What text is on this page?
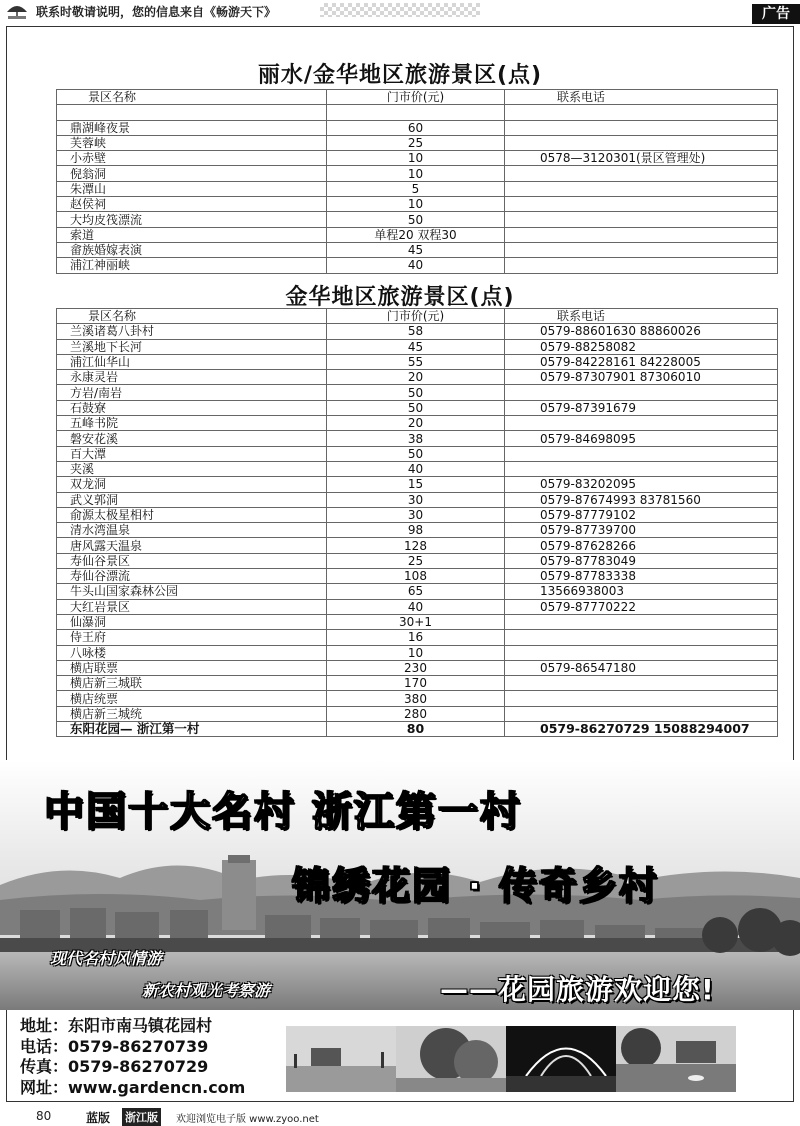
联系时敬请说明，您的信息来自《畅游天下》	广告
丽水/金华地区旅游景区(点)
景区名称	门市价(元)	联系电话

鼎湖峰夜景	60	
芙蓉峡	25	
小赤壁	10	0578—3120301(景区管理处)
倪翁洞	10	
朱潭山	5	
赵侯祠	10	
大均皮筏漂流	50	
索道	单程20 双程30	
畲族婚嫁表演	45	
浦江神丽峡	40	
金华地区旅游景区(点)
景区名称	门市价(元)	联系电话
兰溪诸葛八卦村	58	0579-88601630 88860026
兰溪地下长河	45	0579-88258082
浦江仙华山	55	0579-84228161 84228005
永康灵岩	20	0579-87307901 87306010
方岩/南岩	50	
石鼓寮	50	0579-87391679
五峰书院	20	
磐安花溪	38	0579-84698095
百大潭	50	
夹溪	40	
双龙洞	15	0579-83202095
武义郭洞	30	0579-87674993 83781560
俞源太极星相村	30	0579-87779102
清水湾温泉	98	0579-87739700
唐风露天温泉	128	0579-87628266
寿仙谷景区	25	0579-87783049
寿仙谷漂流	108	0579-87783338
牛头山国家森林公园	65	13566938003
大红岩景区	40	0579-87770222
仙瀑洞	30+1	
侍王府	16	
八咏楼	10	
横店联票	230	0579-86547180
横店新三城联	170	
横店统票	380	
横店新三城统	280	
东阳花园— 浙江第一村	80	0579-86270729 15088294007
中国十大名村 浙江第一村
锦绣花园 · 传奇乡村
现代名村风情游
新农村观光考察游	——花园旅游欢迎您!
地址：东阳市南马镇花园村
电话：0579-86270739
传真：0579-86270729
网址：www.gardencn.com
80	蓝版 浙江版	欢迎浏览电子版 www.zyoo.net
